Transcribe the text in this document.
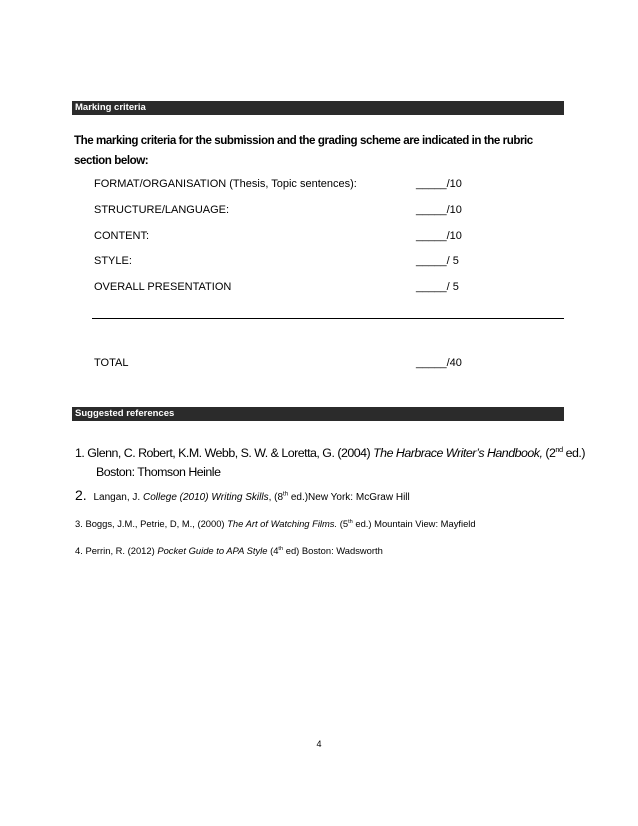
Marking criteria
The marking criteria for the submission and the grading scheme are indicated in the rubric section below:
FORMAT/ORGANISATION (Thesis, Topic sentences):	_____/10
STRUCTURE/LANGUAGE:	_____/10
CONTENT:	_____/10
STYLE:	_____/ 5
OVERALL PRESENTATION	_____/ 5
TOTAL	_____/40
Suggested references
1. Glenn, C. Robert, K.M. Webb, S. W. & Loretta, G. (2004) The Harbrace Writer’s Handbook, (2nd ed.)
Boston: Thomson Heinle
2. Langan, J. College (2010) Writing Skills, (8th ed.)New York: McGraw Hill
3. Boggs, J.M., Petrie, D, M., (2000) The Art of Watching Films. (5th ed.) Mountain View: Mayfield
4. Perrin, R. (2012) Pocket Guide to APA Style (4th ed) Boston: Wadsworth
4
